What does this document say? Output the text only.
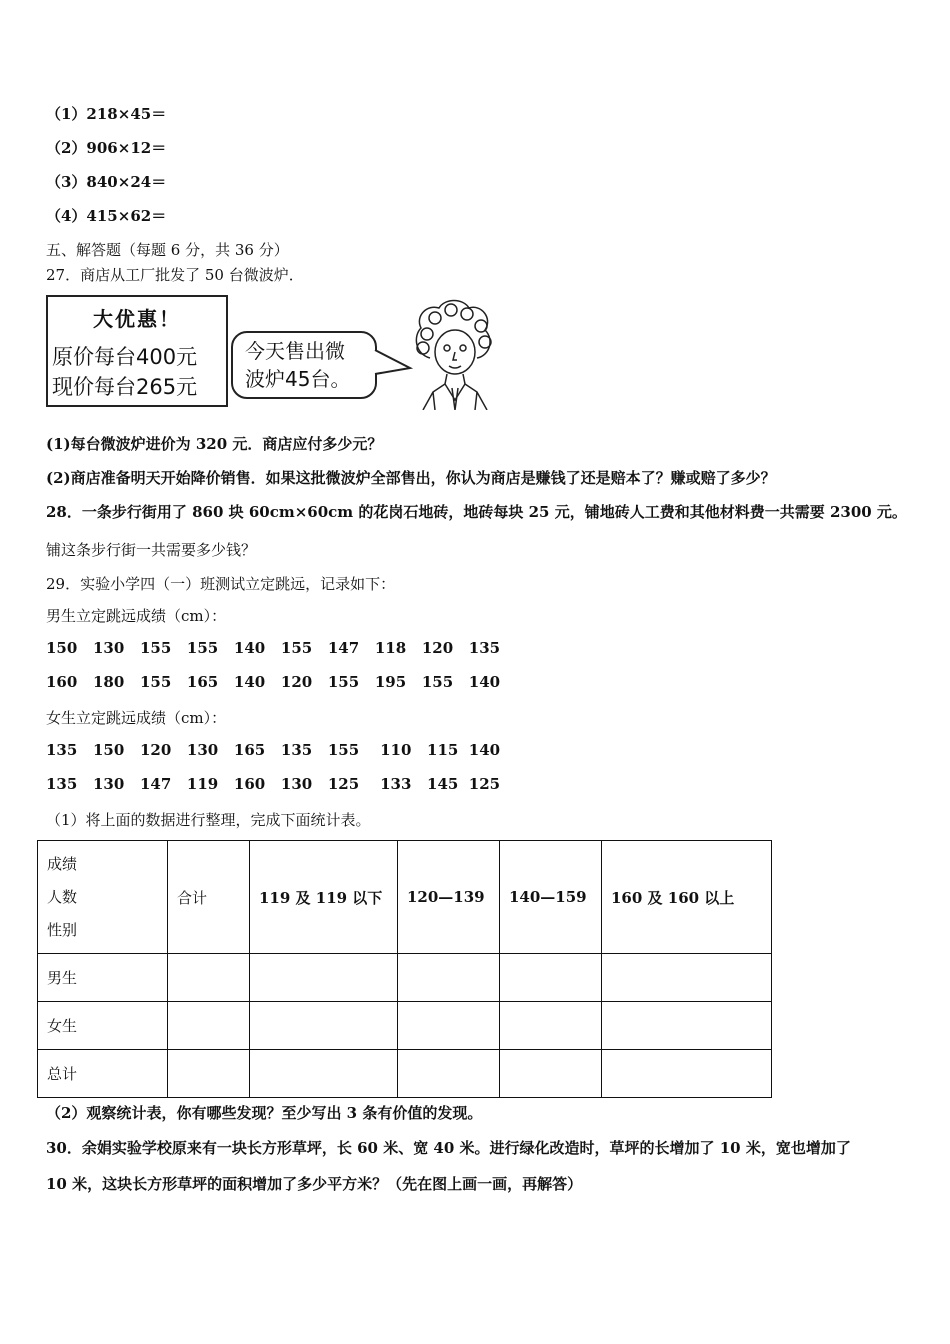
（1）218×45＝
（2）906×12＝
（3）840×24＝
（4）415×62＝
五、解答题（每题 6 分，共 36 分）
27．商店从工厂批发了 50 台微波炉．
大优惠！
原价每台400元
现价每台265元
今天售出微
波炉45台。
(1)每台微波炉进价为 320 元．商店应付多少元？
(2)商店准备明天开始降价销售．如果这批微波炉全部售出，你认为商店是赚钱了还是赔本了？赚或赔了多少？
28．一条步行街用了 860 块 60cm×60cm 的花岗石地砖，地砖每块 25 元，铺地砖人工费和其他材料费一共需要 2300 元。
铺这条步行街一共需要多少钱？
29．实验小学四（一）班测试立定跳远，记录如下：
男生立定跳远成绩（cm）：
150   130   155   155   140   155   147   118   120   135
160   180   155   165   140   120   155   195   155   140
女生立定跳远成绩（cm）：
135   150   120   130   165   135   155    110   115  140
135   130   147   119   160   130   125    133   145  125
（1）将上面的数据进行整理，完成下面统计表。
成绩
人数
性别	合计	119 及 119 以下	120—139	140—159	160 及 160 以上
男生					
女生					
总计					
（2）观察统计表，你有哪些发现？至少写出 3 条有价值的发现。
30．余娟实验学校原来有一块长方形草坪，长 60 米、宽 40 米。进行绿化改造时，草坪的长增加了 10 米，宽也增加了
10 米，这块长方形草坪的面积增加了多少平方米？（先在图上画一画，再解答）
